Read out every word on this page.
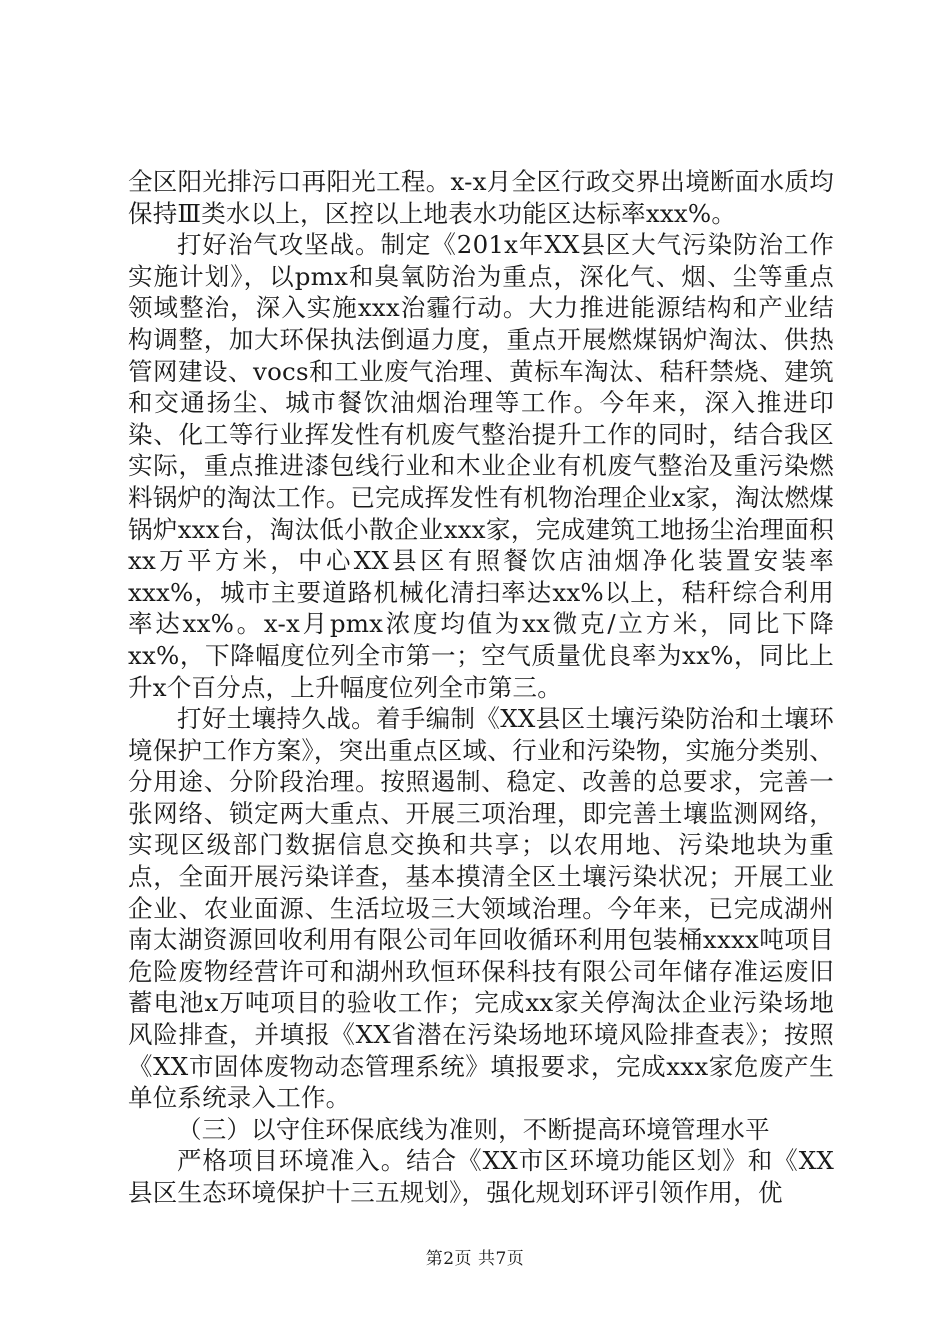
全区阳光排污口再阳光工程。x-x月全区行政交界出境断面水质均保持Ⅲ类水以上，区控以上地表水功能区达标率xxx%。

打好治气攻坚战。制定《201x年XX县区大气污染防治工作实施计划》，以pmx和臭氧防治为重点，深化气、烟、尘等重点领域整治，深入实施xxx治霾行动。大力推进能源结构和产业结构调整，加大环保执法倒逼力度，重点开展燃煤锅炉淘汰、供热管网建设、vocs和工业废气治理、黄标车淘汰、秸秆禁烧、建筑和交通扬尘、城市餐饮油烟治理等工作。今年来，深入推进印染、化工等行业挥发性有机废气整治提升工作的同时，结合我区实际，重点推进漆包线行业和木业企业有机废气整治及重污染燃料锅炉的淘汰工作。已完成挥发性有机物治理企业x家，淘汰燃煤锅炉xxx台，淘汰低小散企业xxx家，完成建筑工地扬尘治理面积xx万平方米，中心XX县区有照餐饮店油烟净化装置安装率xxx%，城市主要道路机械化清扫率达xx%以上，秸秆综合利用率达xx%。x-x月pmx浓度均值为xx微克/立方米，同比下降xx%，下降幅度位列全市第一；空气质量优良率为xx%，同比上升x个百分点，上升幅度位列全市第三。

打好土壤持久战。着手编制《XX县区土壤污染防治和土壤环境保护工作方案》，突出重点区域、行业和污染物，实施分类别、分用途、分阶段治理。按照遏制、稳定、改善的总要求，完善一张网络、锁定两大重点、开展三项治理，即完善土壤监测网络，实现区级部门数据信息交换和共享；以农用地、污染地块为重点，全面开展污染详查，基本摸清全区土壤污染状况；开展工业企业、农业面源、生活垃圾三大领域治理。今年来，已完成湖州南太湖资源回收利用有限公司年回收循环利用包装桶xxxx吨项目危险废物经营许可和湖州玖恒环保科技有限公司年储存准运废旧蓄电池x万吨项目的验收工作；完成xx家关停淘汰企业污染场地风险排查，并填报《XX省潜在污染场地环境风险排查表》；按照《XX市固体废物动态管理系统》填报要求，完成xxx家危废产生单位系统录入工作。

（三）以守住环保底线为准则，不断提高环境管理水平

严格项目环境准入。结合《XX市区环境功能区划》和《XX县区生态环境保护十三五规划》，强化规划环评引领作用，优

第2页 共7页
